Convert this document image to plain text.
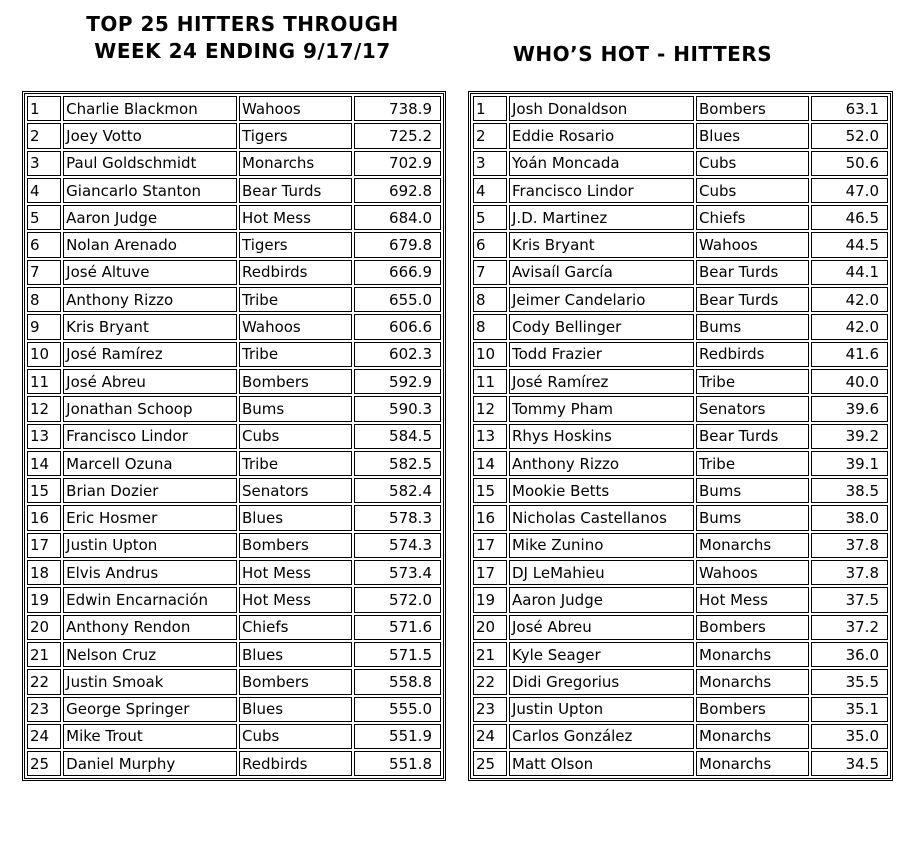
TOP 25 HITTERS THROUGH
WEEK 24 ENDING 9/17/17	WHO’S HOT - HITTERS
1	Charlie Blackmon	Wahoos	738.9
2	Joey Votto	Tigers	725.2
3	Paul Goldschmidt	Monarchs	702.9
4	Giancarlo Stanton	Bear Turds	692.8
5	Aaron Judge	Hot Mess	684.0
6	Nolan Arenado	Tigers	679.8
7	José Altuve	Redbirds	666.9
8	Anthony Rizzo	Tribe	655.0
9	Kris Bryant	Wahoos	606.6
10	José Ramírez	Tribe	602.3
11	José Abreu	Bombers	592.9
12	Jonathan Schoop	Bums	590.3
13	Francisco Lindor	Cubs	584.5
14	Marcell Ozuna	Tribe	582.5
15	Brian Dozier	Senators	582.4
16	Eric Hosmer	Blues	578.3
17	Justin Upton	Bombers	574.3
18	Elvis Andrus	Hot Mess	573.4
19	Edwin Encarnación	Hot Mess	572.0
20	Anthony Rendon	Chiefs	571.6
21	Nelson Cruz	Blues	571.5
22	Justin Smoak	Bombers	558.8
23	George Springer	Blues	555.0
24	Mike Trout	Cubs	551.9
25	Daniel Murphy	Redbirds	551.8
1	Josh Donaldson	Bombers	63.1
2	Eddie Rosario	Blues	52.0
3	Yoán Moncada	Cubs	50.6
4	Francisco Lindor	Cubs	47.0
5	J.D. Martinez	Chiefs	46.5
6	Kris Bryant	Wahoos	44.5
7	Avisaíl García	Bear Turds	44.1
8	Jeimer Candelario	Bear Turds	42.0
8	Cody Bellinger	Bums	42.0
10	Todd Frazier	Redbirds	41.6
11	José Ramírez	Tribe	40.0
12	Tommy Pham	Senators	39.6
13	Rhys Hoskins	Bear Turds	39.2
14	Anthony Rizzo	Tribe	39.1
15	Mookie Betts	Bums	38.5
16	Nicholas Castellanos	Bums	38.0
17	Mike Zunino	Monarchs	37.8
17	DJ LeMahieu	Wahoos	37.8
19	Aaron Judge	Hot Mess	37.5
20	José Abreu	Bombers	37.2
21	Kyle Seager	Monarchs	36.0
22	Didi Gregorius	Monarchs	35.5
23	Justin Upton	Bombers	35.1
24	Carlos González	Monarchs	35.0
25	Matt Olson	Monarchs	34.5
